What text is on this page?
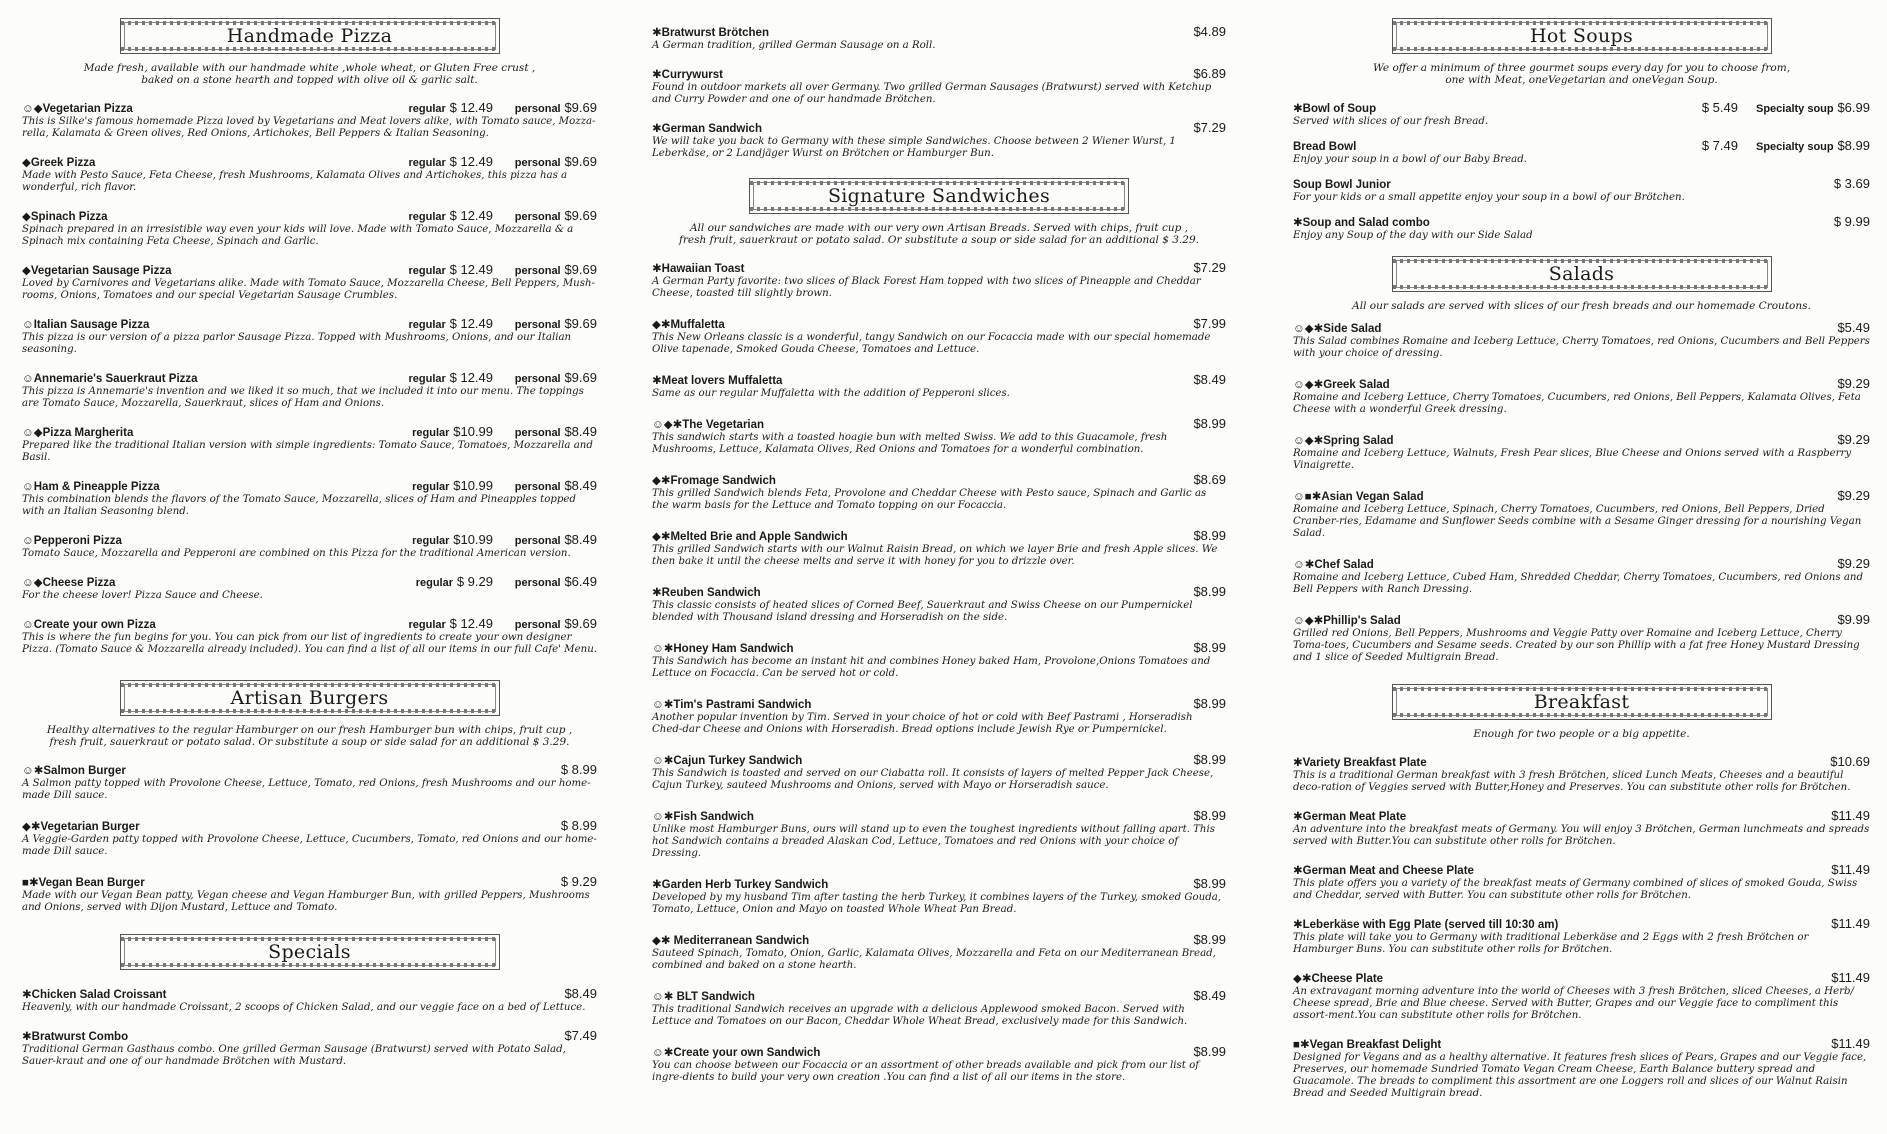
Handmade Pizza
Made fresh, available with our handmade white ,whole wheat, or Gluten Free crust ,
baked on a stone hearth and topped with olive oil & garlic salt.
☺◆Vegetarian Pizza	regular $ 12.49	personal $9.69
This is Silke's famous homemade Pizza loved by Vegetarians and Meat lovers alike, with Tomato sauce, Mozza-rella, Kalamata & Green olives, Red Onions, Artichokes, Bell Peppers & Italian Seasoning.
◆Greek Pizza	regular $ 12.49	personal $9.69
Made with Pesto Sauce, Feta Cheese, fresh Mushrooms, Kalamata Olives and Artichokes, this pizza has a wonderful, rich flavor.
◆Spinach Pizza	regular $ 12.49	personal $9.69
Spinach prepared in an irresistible way even your kids will love. Made with Tomato Sauce, Mozzarella & a Spinach mix containing Feta Cheese, Spinach and Garlic.
◆Vegetarian Sausage Pizza	regular $ 12.49	personal $9.69
Loved by Carnivores and Vegetarians alike. Made with Tomato Sauce, Mozzarella Cheese, Bell Peppers, Mush-rooms, Onions, Tomatoes and our special Vegetarian Sausage Crumbles.
☺Italian Sausage Pizza	regular $ 12.49	personal $9.69
This pizza is our version of a pizza parlor Sausage Pizza. Topped with Mushrooms, Onions, and our Italian seasoning.
☺Annemarie's Sauerkraut Pizza	regular $ 12.49	personal $9.69
This pizza is Annemarie's invention and we liked it so much, that we included it into our menu. The toppings are Tomato Sauce, Mozzarella, Sauerkraut, slices of Ham and Onions.
☺◆Pizza Margherita	regular $10.99	personal $8.49
Prepared like the traditional Italian version with simple ingredients: Tomato Sauce, Tomatoes, Mozzarella and Basil.
☺Ham & Pineapple Pizza	regular $10.99	personal $8.49
This combination blends the flavors of the Tomato Sauce, Mozzarella, slices of Ham and Pineapples topped with an Italian Seasoning blend.
☺Pepperoni Pizza	regular $10.99	personal $8.49
Tomato Sauce, Mozzarella and Pepperoni are combined on this Pizza for the traditional American version.
☺◆Cheese Pizza	regular $ 9.29	personal $6.49
For the cheese lover! Pizza Sauce and Cheese.
☺Create your own Pizza	regular $ 12.49	personal $9.69
This is where the fun begins for you. You can pick from our list of ingredients to create your own designer Pizza. (Tomato Sauce & Mozzarella already included). You can find a list of all our items in our full Cafe' Menu.
Artisan Burgers
Healthy alternatives to the regular Hamburger on our fresh Hamburger bun with chips, fruit cup ,
fresh fruit, sauerkraut or potato salad. Or substitute a soup or side salad for an additional $ 3.29.
☺✱Salmon Burger	$ 8.99
A Salmon patty topped with Provolone Cheese, Lettuce, Tomato, red Onions, fresh Mushrooms and our home-made Dill sauce.
◆✱Vegetarian Burger	$ 8.99
A Veggie-Garden patty topped with Provolone Cheese, Lettuce, Cucumbers, Tomato, red Onions and our home-made Dill sauce.
■✱Vegan Bean Burger	$ 9.29
Made with our Vegan Bean patty, Vegan cheese and Vegan Hamburger Bun, with grilled Peppers, Mushrooms and Onions, served with Dijon Mustard, Lettuce and Tomato.
Specials
✱Chicken Salad Croissant	$8.49
Heavenly, with our handmade Croissant, 2 scoops of Chicken Salad, and our veggie face on a bed of Lettuce.
✱Bratwurst Combo	$7.49
Traditional German Gasthaus combo. One grilled German Sausage (Bratwurst) served with Potato Salad, Sauer-kraut and one of our handmade Brötchen with Mustard.
✱Bratwurst Brötchen	$4.89
A German tradition, grilled German Sausage on a Roll.
✱Currywurst	$6.89
Found in outdoor markets all over Germany. Two grilled German Sausages (Bratwurst) served with Ketchup and Curry Powder and one of our handmade Brötchen.
✱German Sandwich	$7.29
We will take you back to Germany with these simple Sandwiches. Choose between 2 Wiener Wurst, 1 Leberkäse, or 2 Landjäger Wurst on Brötchen or Hamburger Bun.
Signature Sandwiches
All our sandwiches are made with our very own Artisan Breads. Served with chips, fruit cup ,
fresh fruit, sauerkraut or potato salad. Or substitute a soup or side salad for an additional $ 3.29.
✱Hawaiian Toast	$7.29
A German Party favorite: two slices of Black Forest Ham topped with two slices of Pineapple and Cheddar Cheese, toasted till slightly brown.
◆✱Muffaletta	$7.99
This New Orleans classic is a wonderful, tangy Sandwich on our Focaccia made with our special homemade Olive tapenade, Smoked Gouda Cheese, Tomatoes and Lettuce.
✱Meat lovers Muffaletta	$8.49
Same as our regular Muffaletta with the addition of Pepperoni slices.
☺◆✱The Vegetarian	$8.99
This sandwich starts with a toasted hoagie bun with melted Swiss. We add to this Guacamole, fresh Mushrooms, Lettuce, Kalamata Olives, Red Onions and Tomatoes for a wonderful combination.
◆✱Fromage Sandwich	$8.69
This grilled Sandwich blends Feta, Provolone and Cheddar Cheese with Pesto sauce, Spinach and Garlic as the warm basis for the Lettuce and Tomato topping on our Focaccia.
◆✱Melted Brie and Apple Sandwich	$8.99
This grilled Sandwich starts with our Walnut Raisin Bread, on which we layer Brie and fresh Apple slices. We then bake it until the cheese melts and serve it with honey for you to drizzle over.
✱Reuben Sandwich	$8.99
This classic consists of heated slices of Corned Beef, Sauerkraut and Swiss Cheese on our Pumpernickel blended with Thousand island dressing and Horseradish on the side.
☺✱Honey Ham Sandwich	$8.99
This Sandwich has become an instant hit and combines Honey baked Ham, Provolone,Onions Tomatoes and Lettuce on Focaccia. Can be served hot or cold.
☺✱Tim's Pastrami Sandwich	$8.99
Another popular invention by Tim. Served in your choice of hot or cold with Beef Pastrami , Horseradish Ched-dar Cheese and Onions with Horseradish. Bread options include Jewish Rye or Pumpernickel.
☺✱Cajun Turkey Sandwich	$8.99
This Sandwich is toasted and served on our Ciabatta roll. It consists of layers of melted Pepper Jack Cheese, Cajun Turkey, sauteed Mushrooms and Onions, served with Mayo or Horseradish sauce.
☺✱Fish Sandwich	$8.99
Unlike most Hamburger Buns, ours will stand up to even the toughest ingredients without falling apart. This hot Sandwich contains a breaded Alaskan Cod, Lettuce, Tomatoes and red Onions with your choice of Dressing.
✱Garden Herb Turkey Sandwich	$8.99
Developed by my husband Tim after tasting the herb Turkey, it combines layers of the Turkey, smoked Gouda, Tomato, Lettuce, Onion and Mayo on toasted Whole Wheat Pan Bread.
◆✱ Mediterranean Sandwich	$8.99
Sauteed Spinach, Tomato, Onion, Garlic, Kalamata Olives, Mozzarella and Feta on our Mediterranean Bread, combined and baked on a stone hearth.
☺✱ BLT Sandwich	$8.49
This traditional Sandwich receives an upgrade with a delicious Applewood smoked Bacon. Served with Lettuce and Tomatoes on our Bacon, Cheddar Whole Wheat Bread, exclusively made for this Sandwich.
☺✱Create your own Sandwich	$8.99
You can choose between our Focaccia or an assortment of other breads available and pick from our list of ingre-dients to build your very own creation .You can find a list of all our items in the store.
Hot Soups
We offer a minimum of three gourmet soups every day for you to choose from,
one with Meat, oneVegetarian and oneVegan Soup.
✱Bowl of Soup	$ 5.49 Specialty soup $6.99
Served with slices of our fresh Bread.
Bread Bowl	$ 7.49 Specialty soup $8.99
Enjoy your soup in a bowl of our Baby Bread.
Soup Bowl Junior	$ 3.69
For your kids or a small appetite enjoy your soup in a bowl of our Brötchen.
✱Soup and Salad combo	$ 9.99
Enjoy any Soup of the day with our Side Salad
Salads
All our salads are served with slices of our fresh breads and our homemade Croutons.
☺◆✱Side Salad	$5.49
This Salad combines Romaine and Iceberg Lettuce, Cherry Tomatoes, red Onions, Cucumbers and Bell Peppers with your choice of dressing.
☺◆✱Greek Salad	$9.29
Romaine and Iceberg Lettuce, Cherry Tomatoes, Cucumbers, red Onions, Bell Peppers, Kalamata Olives, Feta Cheese with a wonderful Greek dressing.
☺◆✱Spring Salad	$9.29
Romaine and Iceberg Lettuce, Walnuts, Fresh Pear slices, Blue Cheese and Onions served with a Raspberry Vinaigrette.
☺■✱Asian Vegan Salad	$9.29
Romaine and Iceberg Lettuce, Spinach, Cherry Tomatoes, Cucumbers, red Onions, Bell Peppers, Dried Cranber-ries, Edamame and Sunflower Seeds combine with a Sesame Ginger dressing for a nourishing Vegan Salad.
☺✱Chef Salad	$9.29
Romaine and Iceberg Lettuce, Cubed Ham, Shredded Cheddar, Cherry Tomatoes, Cucumbers, red Onions and Bell Peppers with Ranch Dressing.
☺◆✱Phillip's Salad	$9.99
Grilled red Onions, Bell Peppers, Mushrooms and Veggie Patty over Romaine and Iceberg Lettuce, Cherry Toma-toes, Cucumbers and Sesame seeds. Created by our son Phillip with a fat free Honey Mustard Dressing and 1 slice of Seeded Multigrain Bread.
Breakfast
Enough for two people or a big appetite.
✱Variety Breakfast Plate	$10.69
This is a traditional German breakfast with 3 fresh Brötchen, sliced Lunch Meats, Cheeses and a beautiful deco-ration of Veggies served with Butter,Honey and Preserves. You can substitute other rolls for Brötchen.
✱German Meat Plate	$11.49
An adventure into the breakfast meats of Germany. You will enjoy 3 Brötchen, German lunchmeats and spreads served with Butter.You can substitute other rolls for Brötchen.
✱German Meat and Cheese Plate	$11.49
This plate offers you a variety of the breakfast meats of Germany combined of slices of smoked Gouda, Swiss and Cheddar, served with Butter. You can substitute other rolls for Brötchen.
✱Leberkäse with Egg Plate (served till 10:30 am)	$11.49
This plate will take you to Germany with traditional Leberkäse and 2 Eggs with 2 fresh Brötchen or Hamburger Buns. You can substitute other rolls for Brötchen.
◆✱Cheese Plate	$11.49
An extravagant morning adventure into the world of Cheeses with 3 fresh Brötchen, sliced Cheeses, a Herb/ Cheese spread, Brie and Blue cheese. Served with Butter, Grapes and our Veggie face to compliment this assort-ment.You can substitute other rolls for Brötchen.
■✱Vegan Breakfast Delight	$11.49
Designed for Vegans and as a healthy alternative. It features fresh slices of Pears, Grapes and our Veggie face, Preserves, our homemade Sundried Tomato Vegan Cream Cheese, Earth Balance buttery spread and Guacamole. The breads to compliment this assortment are one Loggers roll and slices of our Walnut Raisin Bread and Seeded Multigrain bread.
